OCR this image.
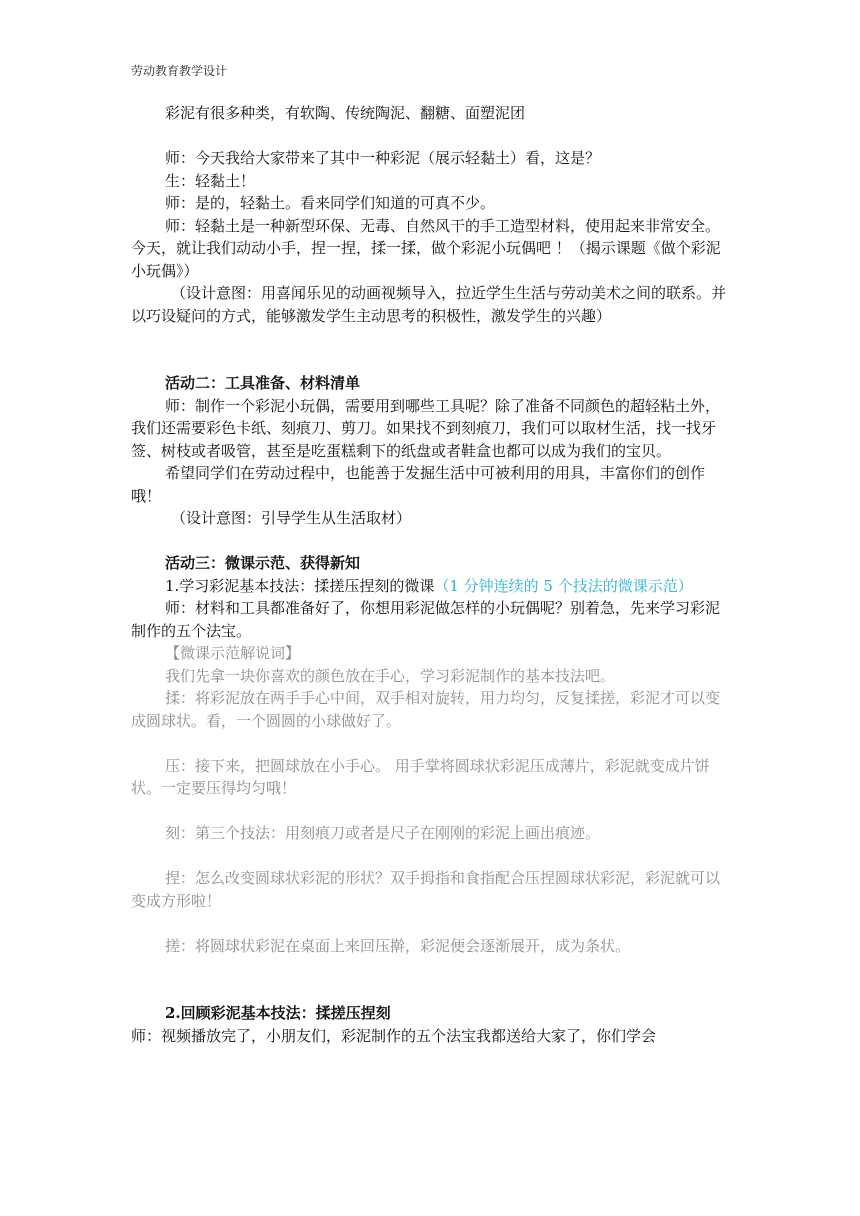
劳动教育教学设计

彩泥有很多种类，有软陶、传统陶泥、翻糖、面塑泥团

师：今天我给大家带来了其中一种彩泥（展示轻黏土）看，这是？

生：轻黏土！

师：是的，轻黏土。看来同学们知道的可真不少。

师：轻黏土是一种新型环保、无毒、自然风干的手工造型材料，使用起来非常安全。今天，就让我们动动小手，捏一捏，揉一揉，做个彩泥小玩偶吧 ！（揭示课题《做个彩泥小玩偶》）

（设计意图：用喜闻乐见的动画视频导入，拉近学生生活与劳动美术之间的联系。并以巧设疑问的方式，能够激发学生主动思考的积极性，激发学生的兴趣）

活动二：工具准备、材料清单

师：制作一个彩泥小玩偶，需要用到哪些工具呢？除了准备不同颜色的超轻粘土外，我们还需要彩色卡纸、刻痕刀、剪刀。如果找不到刻痕刀，我们可以取材生活，找一找牙签、树枝或者吸管，甚至是吃蛋糕剩下的纸盘或者鞋盒也都可以成为我们的宝贝。

希望同学们在劳动过程中，也能善于发掘生活中可被利用的用具，丰富你们的创作哦！

（设计意图：引导学生从生活取材）

活动三：微课示范、获得新知

1.学习彩泥基本技法：揉搓压捏刻的微课（1 分钟连续的 5 个技法的微课示范）

师：材料和工具都准备好了，你想用彩泥做怎样的小玩偶呢？别着急，先来学习彩泥制作的五个法宝。

【微课示范解说词】

我们先拿一块你喜欢的颜色放在手心，学习彩泥制作的基本技法吧。

揉：将彩泥放在两手手心中间，双手相对旋转，用力均匀，反复揉搓，彩泥才可以变成圆球状。看，一个圆圆的小球做好了。

压：接下来，把圆球放在小手心。 用手掌将圆球状彩泥压成薄片，彩泥就变成片饼状。一定要压得均匀哦！

刻：第三个技法：用刻痕刀或者是尺子在刚刚的彩泥上画出痕迹。

捏：怎么改变圆球状彩泥的形状？双手拇指和食指配合压捏圆球状彩泥，彩泥就可以变成方形啦！

搓：将圆球状彩泥在桌面上来回压擀，彩泥便会逐渐展开，成为条状。

2.回顾彩泥基本技法：揉搓压捏刻

师：视频播放完了，小朋友们，彩泥制作的五个法宝我都送给大家了，你们学会
